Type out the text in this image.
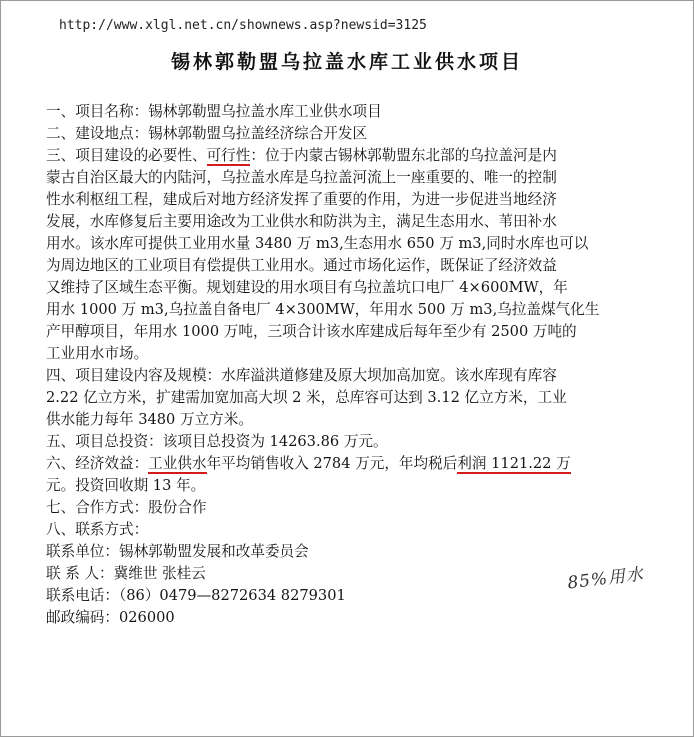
http://www.xlgl.net.cn/shownews.asp?newsid=3125
锡林郭勒盟乌拉盖水库工业供水项目

一、项目名称：锡林郭勒盟乌拉盖水库工业供水项目

二、建设地点：锡林郭勒盟乌拉盖经济综合开发区

三、项目建设的必要性、可行性：位于内蒙古锡林郭勒盟东北部的乌拉盖河是内
蒙古自治区最大的内陆河，乌拉盖水库是乌拉盖河流上一座重要的、唯一的控制
性水利枢纽工程，建成后对地方经济发挥了重要的作用，为进一步促进当地经济
发展，水库修复后主要用途改为工业供水和防洪为主，满足生态用水、苇田补水
用水。该水库可提供工业用水量 3480 万 m3,生态用水 650 万 m3,同时水库也可以
为周边地区的工业项目有偿提供工业用水。通过市场化运作，既保证了经济效益
又维持了区域生态平衡。规划建设的用水项目有乌拉盖坑口电厂 4×600MW，年
用水 1000 万 m3,乌拉盖自备电厂 4×300MW，年用水 500 万 m3,乌拉盖煤气化生
产甲醇项目，年用水 1000 万吨，三项合计该水库建成后每年至少有 2500 万吨的
工业用水市场。
四、项目建设内容及规模：水库溢洪道修建及原大坝加高加宽。该水库现有库容
2.22 亿立方米，扩建需加宽加高大坝 2 米，总库容可达到 3.12 亿立方米，工业
供水能力每年 3480 万立方米。

五、项目总投资：该项目总投资为 14263.86 万元。

六、经济效益：工业供水年平均销售收入 2784 万元，年均税后利润 1121.22 万
元。投资回收期 13 年。

七、合作方式：股份合作

八、联系方式：

联系单位：锡林郭勒盟发展和改革委员会

联 系 人：冀维世 张桂云

联系电话：（86）0479—8272634 8279301

邮政编码：026000

85%用水
